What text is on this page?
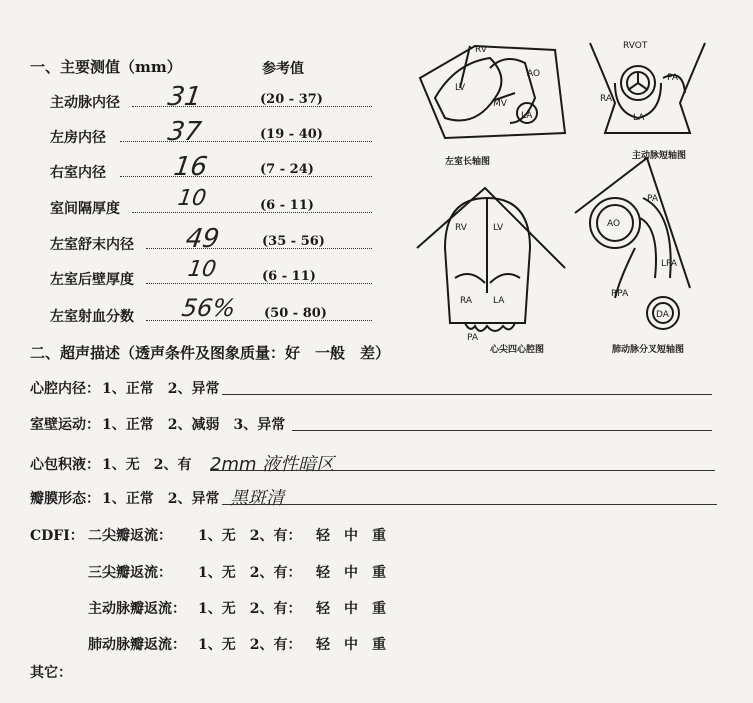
一、主要测值（mm）	参考值
主动脉内径 31	(20 - 37)
左房内径 37	(19 - 40)
右室内径	16	(7 - 24)
室间隔厚度	10	(6 - 11)
左室舒末内径 49	(35 - 56)
左室后壁厚度 10	(6 - 11)
左室射血分数 56% (50 - 80)
RV
LV
AO
MV
LA
RVOT
RA
PA
LA
RV	LV
RA LA
PA
AO
PA
LPA
RPA
DA
左室长轴图
主动脉短轴图
心尖四心腔图	肺动脉分叉短轴图
二、超声描述（透声条件及图象质量：好　一般　差）
心腔内径： 1、正常　2、异常
室壁运动： 1、正常　2、减弱　3、异常
心包积液： 1、无　2、有 2mm 液性暗区
瓣膜形态： 1、正常　2、异常 黑斑清
CDFI： 二尖瓣返流： 1、无　2、有： 轻　中　重
三尖瓣返流： 1、无　2、有： 轻　中　重
主动脉瓣返流： 1、无　2、有： 轻　中　重
肺动脉瓣返流： 1、无　2、有： 轻　中　重
其它：
